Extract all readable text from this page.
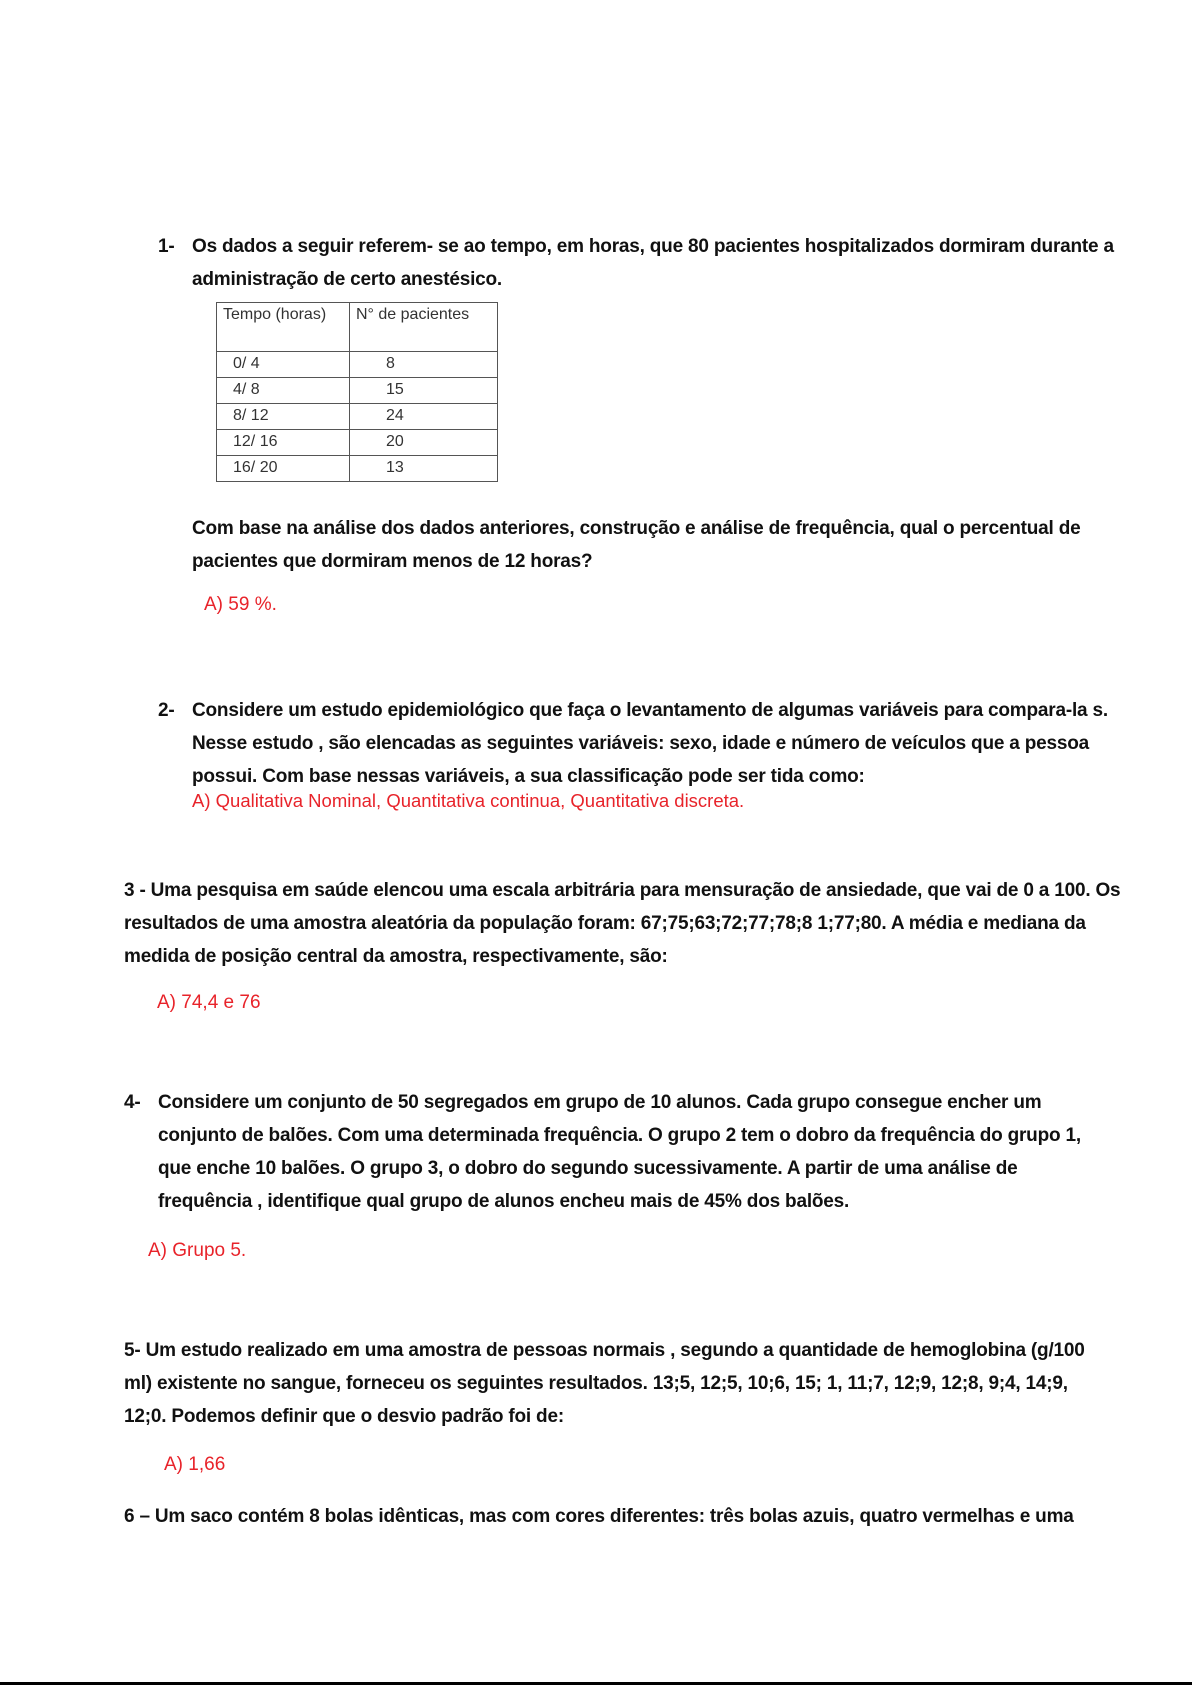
1- Os dados a seguir referem- se ao tempo, em horas, que 80 pacientes hospitalizados dormiram durante a administração de certo anestésico.
Tempo (horas)	N° de pacientes
0/ 4	8
4/ 8	15
8/ 12	24
12/ 16	20
16/ 20	13
Com base na análise dos dados anteriores, construção e análise de frequência, qual o percentual de pacientes que dormiram menos de 12 horas?
A) 59 %.
2- Considere um estudo epidemiológico que faça o levantamento de algumas variáveis para compara-la s. Nesse estudo , são elencadas as seguintes variáveis: sexo, idade e número de veículos que a pessoa possui. Com base nessas variáveis, a sua classificação pode ser tida como:
A) Qualitativa Nominal, Quantitativa continua, Quantitativa discreta.
3 - Uma pesquisa em saúde elencou uma escala arbitrária para mensuração de ansiedade, que vai de 0 a 100. Os resultados de uma amostra aleatória da população foram: 67;75;63;72;77;78;8 1;77;80. A média e mediana da medida de posição central da amostra, respectivamente, são:
A) 74,4 e 76
4- Considere um conjunto de 50 segregados em grupo de 10 alunos. Cada grupo consegue encher um conjunto de balões. Com uma determinada frequência. O grupo 2 tem o dobro da frequência do grupo 1, que enche 10 balões. O grupo 3, o dobro do segundo sucessivamente. A partir de uma análise de frequência , identifique qual grupo de alunos encheu mais de 45% dos balões.
A) Grupo 5.
5- Um estudo realizado em uma amostra de pessoas normais , segundo a quantidade de hemoglobina (g/100 ml) existente no sangue, forneceu os seguintes resultados. 13;5, 12;5, 10;6, 15; 1, 11;7, 12;9, 12;8, 9;4, 14;9, 12;0. Podemos definir que o desvio padrão foi de:
A) 1,66
6 – Um saco contém 8 bolas idênticas, mas com cores diferentes: três bolas azuis, quatro vermelhas e uma
